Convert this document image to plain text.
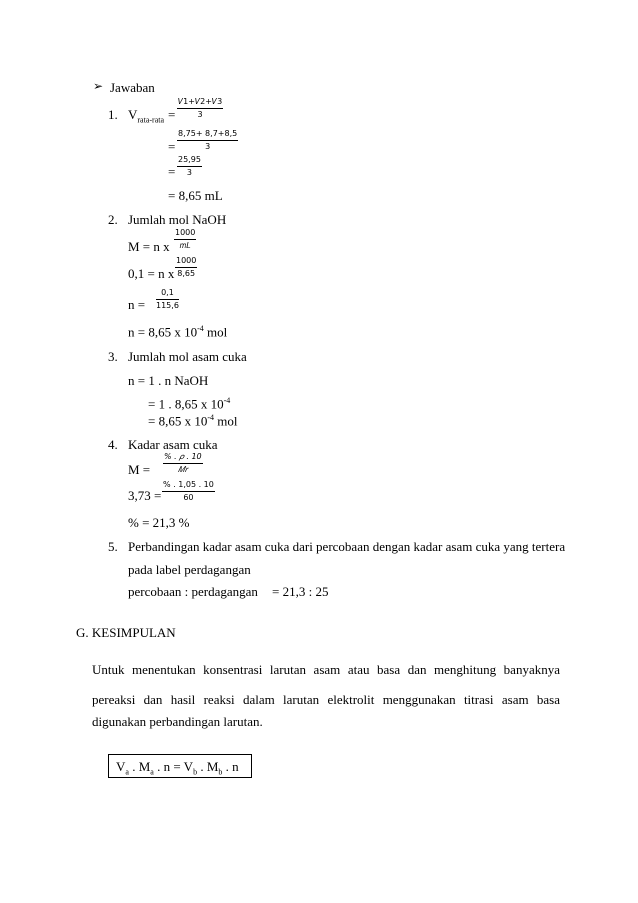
➢ Jawaban
1. $V_{rata-rata}$ =
𝑉1+𝑉2+𝑉3
3
= $\frac{8,75+ 8,7+8,5}{3}$
= $\frac{25,95}{3}$
= 8,65 mL
2. Jumlah mol NaOH
M = n x
1000
𝑚𝐿
0,1 = n x $\frac{1000}{8,65}$
$n = \frac{0,1}{115,6}$
n = 8,65 x $10^{-4}$ mol
3. Jumlah mol asam cuka
n = 1 . n NaOH
= 1 . 8,65 x $10^{-4}$
= 8,65 x $10^{-4}$ mol
4. Kadar asam cuka
M =
% . 𝜌 . 10
𝑀𝑟
$3,73 = \frac{\% . 1,05 . 10}{60}$
% = 21,3 %
5. Perbandingan kadar asam cuka dari percobaan dengan kadar asam cuka yang tertera
pada label perdagangan
percobaan : perdagangan = 21,3 : 25
G. KESIMPULAN
Untuk menentukan konsentrasi larutan asam atau basa dan menghitung banyaknya
pereaksi dan hasil reaksi dalam larutan elektrolit menggunakan titrasi asam basa
digunakan perbandingan larutan.
$V_a$ . $M_a$ . $n = V_b$ . $M_b$ . n
